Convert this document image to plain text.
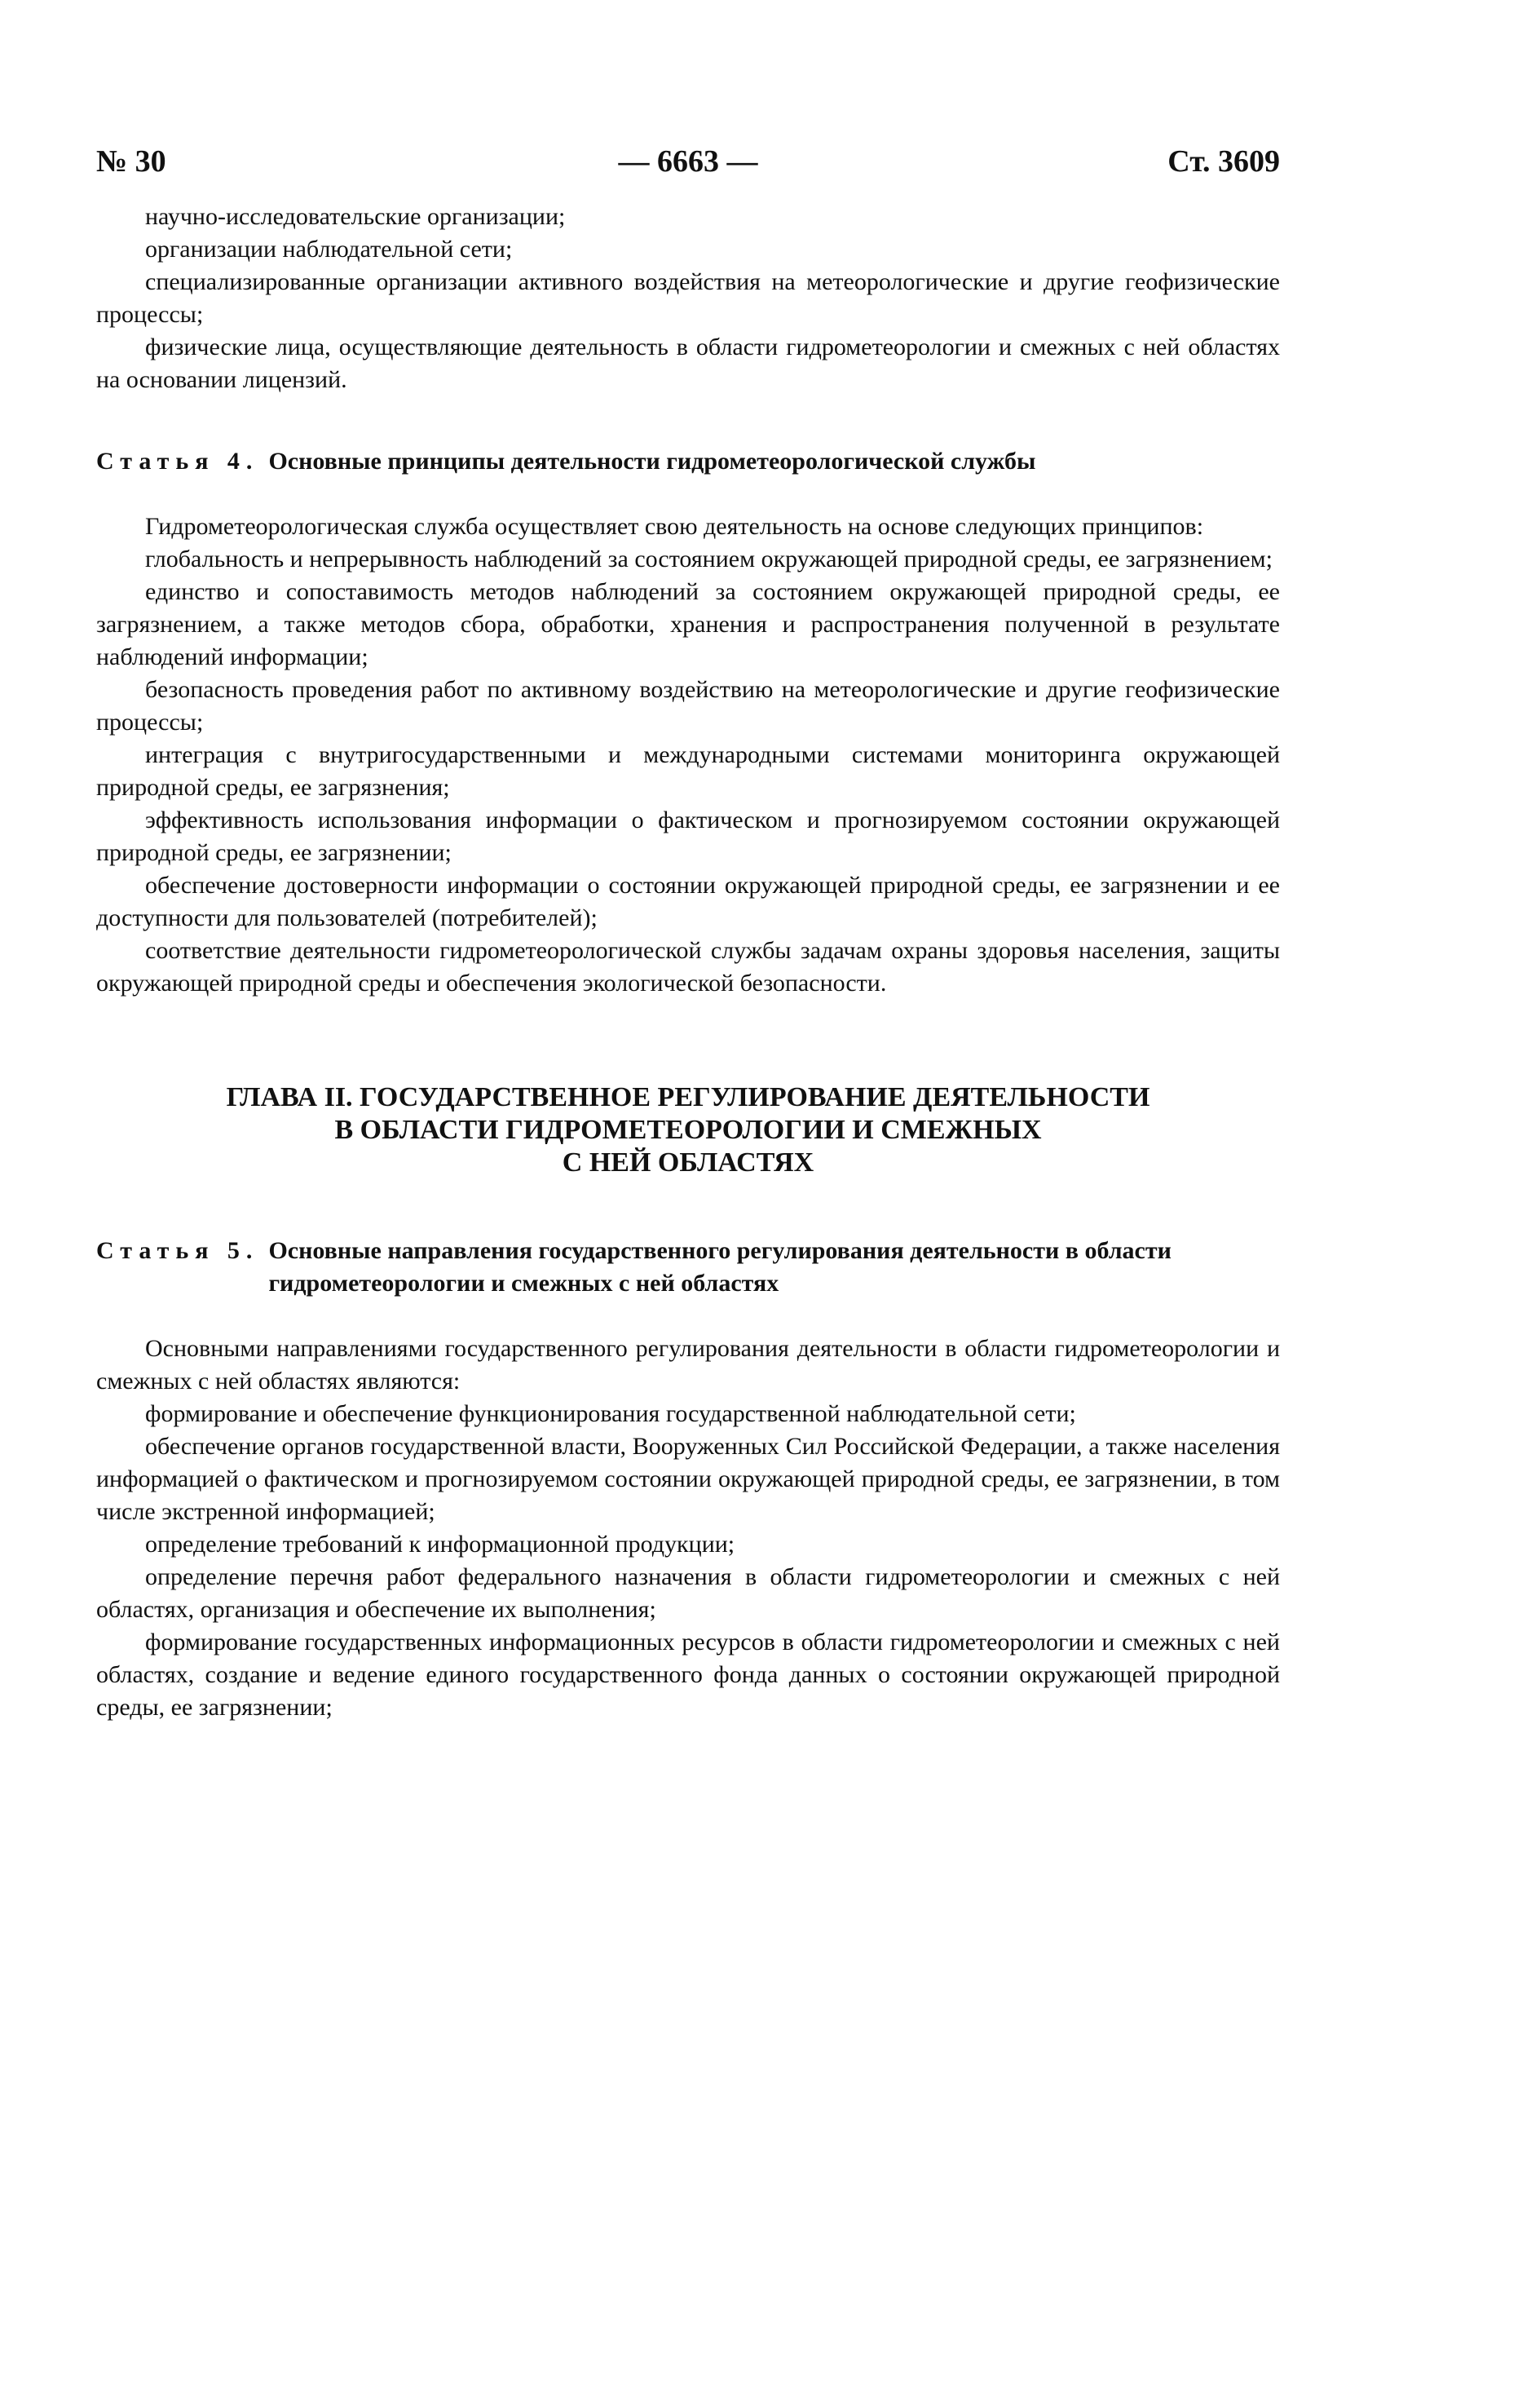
№ 30	— 6663 —	Ст. 3609

научно-исследовательские организации;

организации наблюдательной сети;

специализированные организации активного воздействия на метеорологические и другие геофизические процессы;

физические лица, осуществляющие деятельность в области гидрометеорологии и смежных с ней областях на основании лицензий.

Статья 4. Основные принципы деятельности гидрометеорологической службы

Гидрометеорологическая служба осуществляет свою деятельность на основе следующих принципов:

глобальность и непрерывность наблюдений за состоянием окружающей природной среды, ее загрязнением;

единство и сопоставимость методов наблюдений за состоянием окружающей природной среды, ее загрязнением, а также методов сбора, обработки, хранения и распространения полученной в результате наблюдений информации;

безопасность проведения работ по активному воздействию на метеорологические и другие геофизические процессы;

интеграция с внутригосударственными и международными системами мониторинга окружающей природной среды, ее загрязнения;

эффективность использования информации о фактическом и прогнозируемом состоянии окружающей природной среды, ее загрязнении;

обеспечение достоверности информации о состоянии окружающей природной среды, ее загрязнении и ее доступности для пользователей (потребителей);

соответствие деятельности гидрометеорологической службы задачам охраны здоровья населения, защиты окружающей природной среды и обеспечения экологической безопасности.

ГЛАВА II. ГОСУДАРСТВЕННОЕ РЕГУЛИРОВАНИЕ ДЕЯТЕЛЬНОСТИ
В ОБЛАСТИ ГИДРОМЕТЕОРОЛОГИИ И СМЕЖНЫХ
С НЕЙ ОБЛАСТЯХ
Статья 5. Основные направления государственного регулирования деятельности в области гидрометеорологии и смежных с ней областях

Основными направлениями государственного регулирования деятельности в области гидрометеорологии и смежных с ней областях являются:

формирование и обеспечение функционирования государственной наблюдательной сети;

обеспечение органов государственной власти, Вооруженных Сил Российской Федерации, а также населения информацией о фактическом и прогнозируемом состоянии окружающей природной среды, ее загрязнении, в том числе экстренной информацией;

определение требований к информационной продукции;

определение перечня работ федерального назначения в области гидрометеорологии и смежных с ней областях, организация и обеспечение их выполнения;

формирование государственных информационных ресурсов в области гидрометеорологии и смежных с ней областях, создание и ведение единого государственного фонда данных о состоянии окружающей природной среды, ее загрязнении;
